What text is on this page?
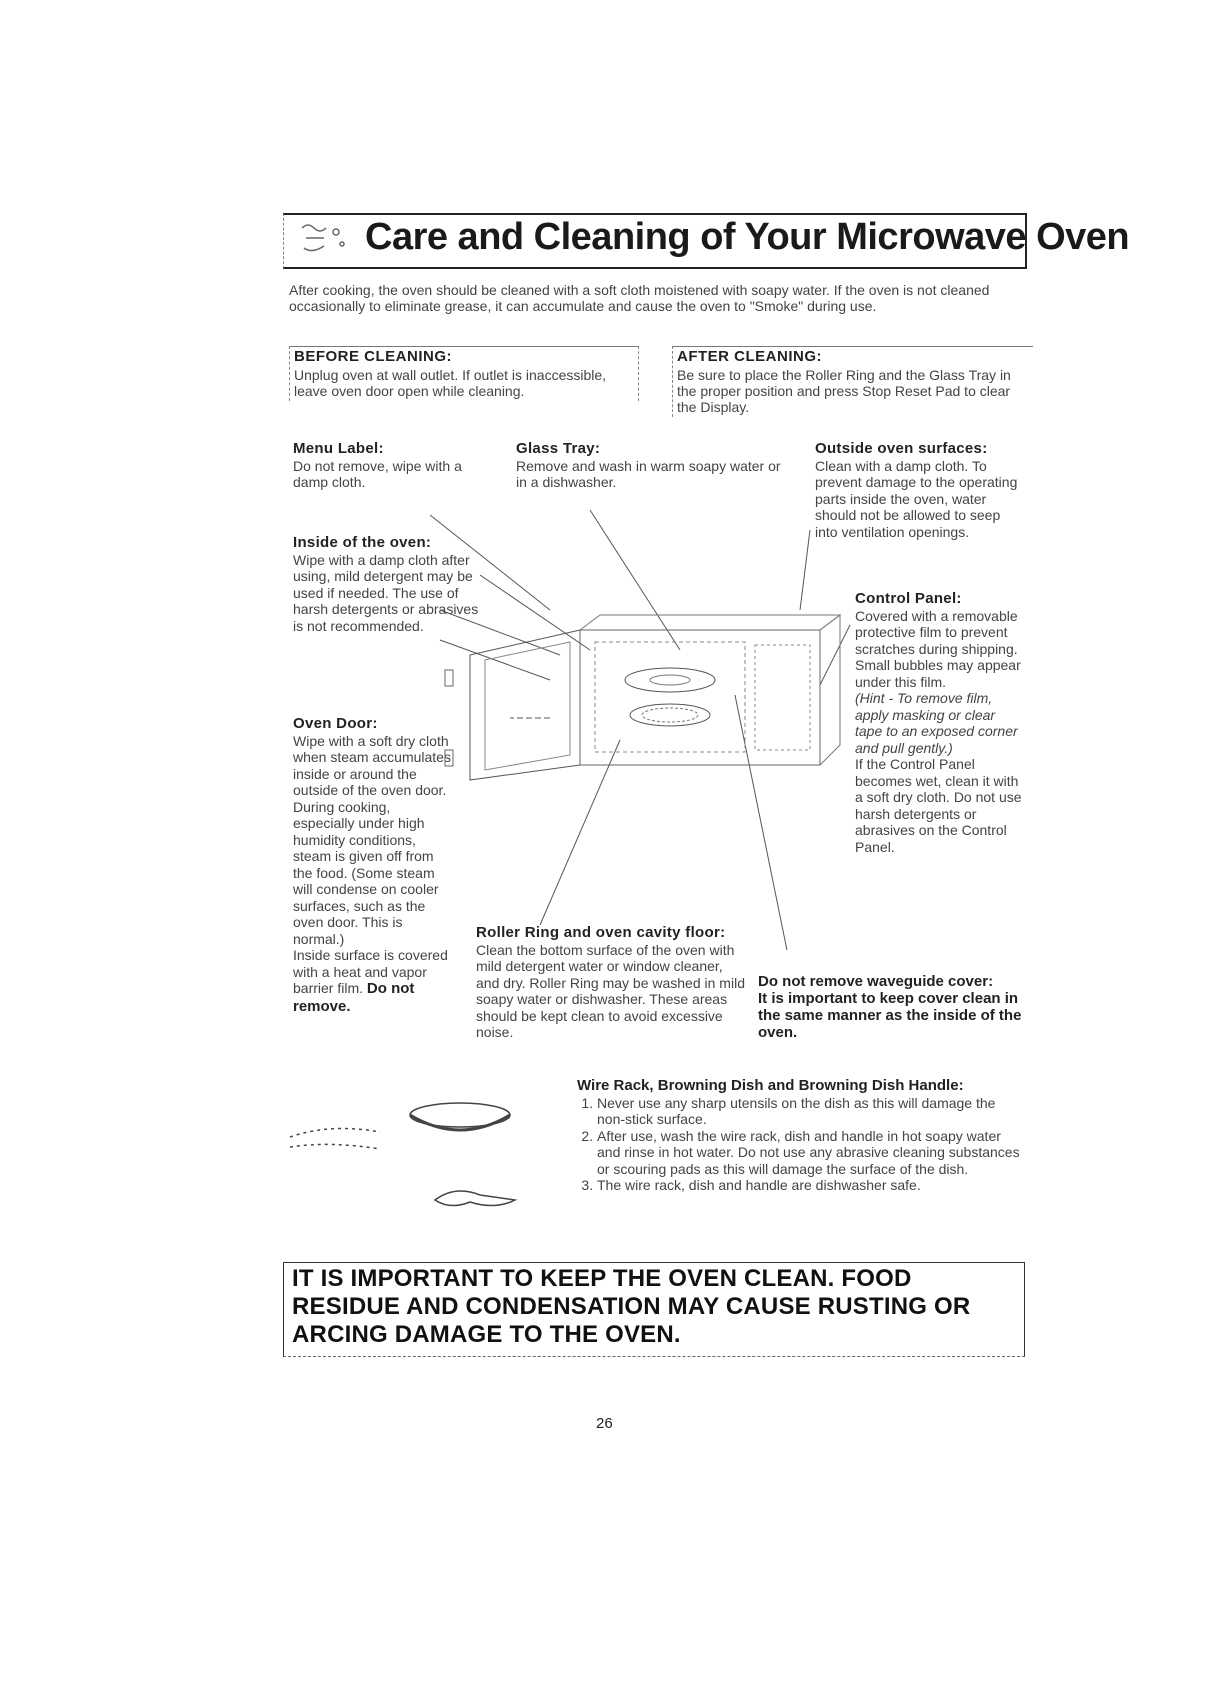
Care and Cleaning of Your Microwave Oven
After cooking, the oven should be cleaned with a soft cloth moistened with soapy water. If the oven is not cleaned occasionally to eliminate grease, it can accumulate and cause the oven to "Smoke" during use.
BEFORE CLEANING:
Unplug oven at wall outlet. If outlet is inaccessible, leave oven door open while cleaning.
AFTER CLEANING:
Be sure to place the Roller Ring and the Glass Tray in the proper position and press Stop Reset Pad to clear the Display.
Menu Label:
Do not remove, wipe with a damp cloth.
Glass Tray:
Remove and wash in warm soapy water or in a dishwasher.
Outside oven surfaces:
Clean with a damp cloth. To prevent damage to the operating parts inside the oven, water should not be allowed to seep into ventilation openings.
Inside of the oven:
Wipe with a damp cloth after using, mild detergent may be used if needed. The use of harsh detergents or abrasives is not recommended.
Control Panel:
Covered with a removable protective film to prevent scratches during shipping. Small bubbles may appear under this film.
(Hint - To remove film, apply masking or clear tape to an exposed corner and pull gently.)
If the Control Panel becomes wet, clean it with a soft dry cloth. Do not use harsh detergents or abrasives on the Control Panel.
Oven Door:
Wipe with a soft dry cloth when steam accumulates inside or around the outside of the oven door. During cooking, especially under high humidity conditions, steam is given off from the food. (Some steam will condense on cooler surfaces, such as the oven door. This is normal.)
Inside surface is covered with a heat and vapor barrier film. Do not remove.
Roller Ring and oven cavity floor:
Clean the bottom surface of the oven with mild detergent water or window cleaner, and dry. Roller Ring may be washed in mild soapy water or dishwasher. These areas should be kept clean to avoid excessive noise.
Do not remove waveguide cover:
It is important to keep cover clean in the same manner as the inside of the oven.
Wire Rack, Browning Dish and Browning Dish Handle:
1. Never use any sharp utensils on the dish as this will damage the non-stick surface.
2. After use, wash the wire rack, dish and handle in hot soapy water and rinse in hot water. Do not use any abrasive cleaning substances or scouring pads as this will damage the surface of the dish.
3. The wire rack, dish and handle are dishwasher safe.
IT IS IMPORTANT TO KEEP THE OVEN CLEAN. FOOD RESIDUE AND CONDENSATION MAY CAUSE RUSTING OR ARCING DAMAGE TO THE OVEN.
26
